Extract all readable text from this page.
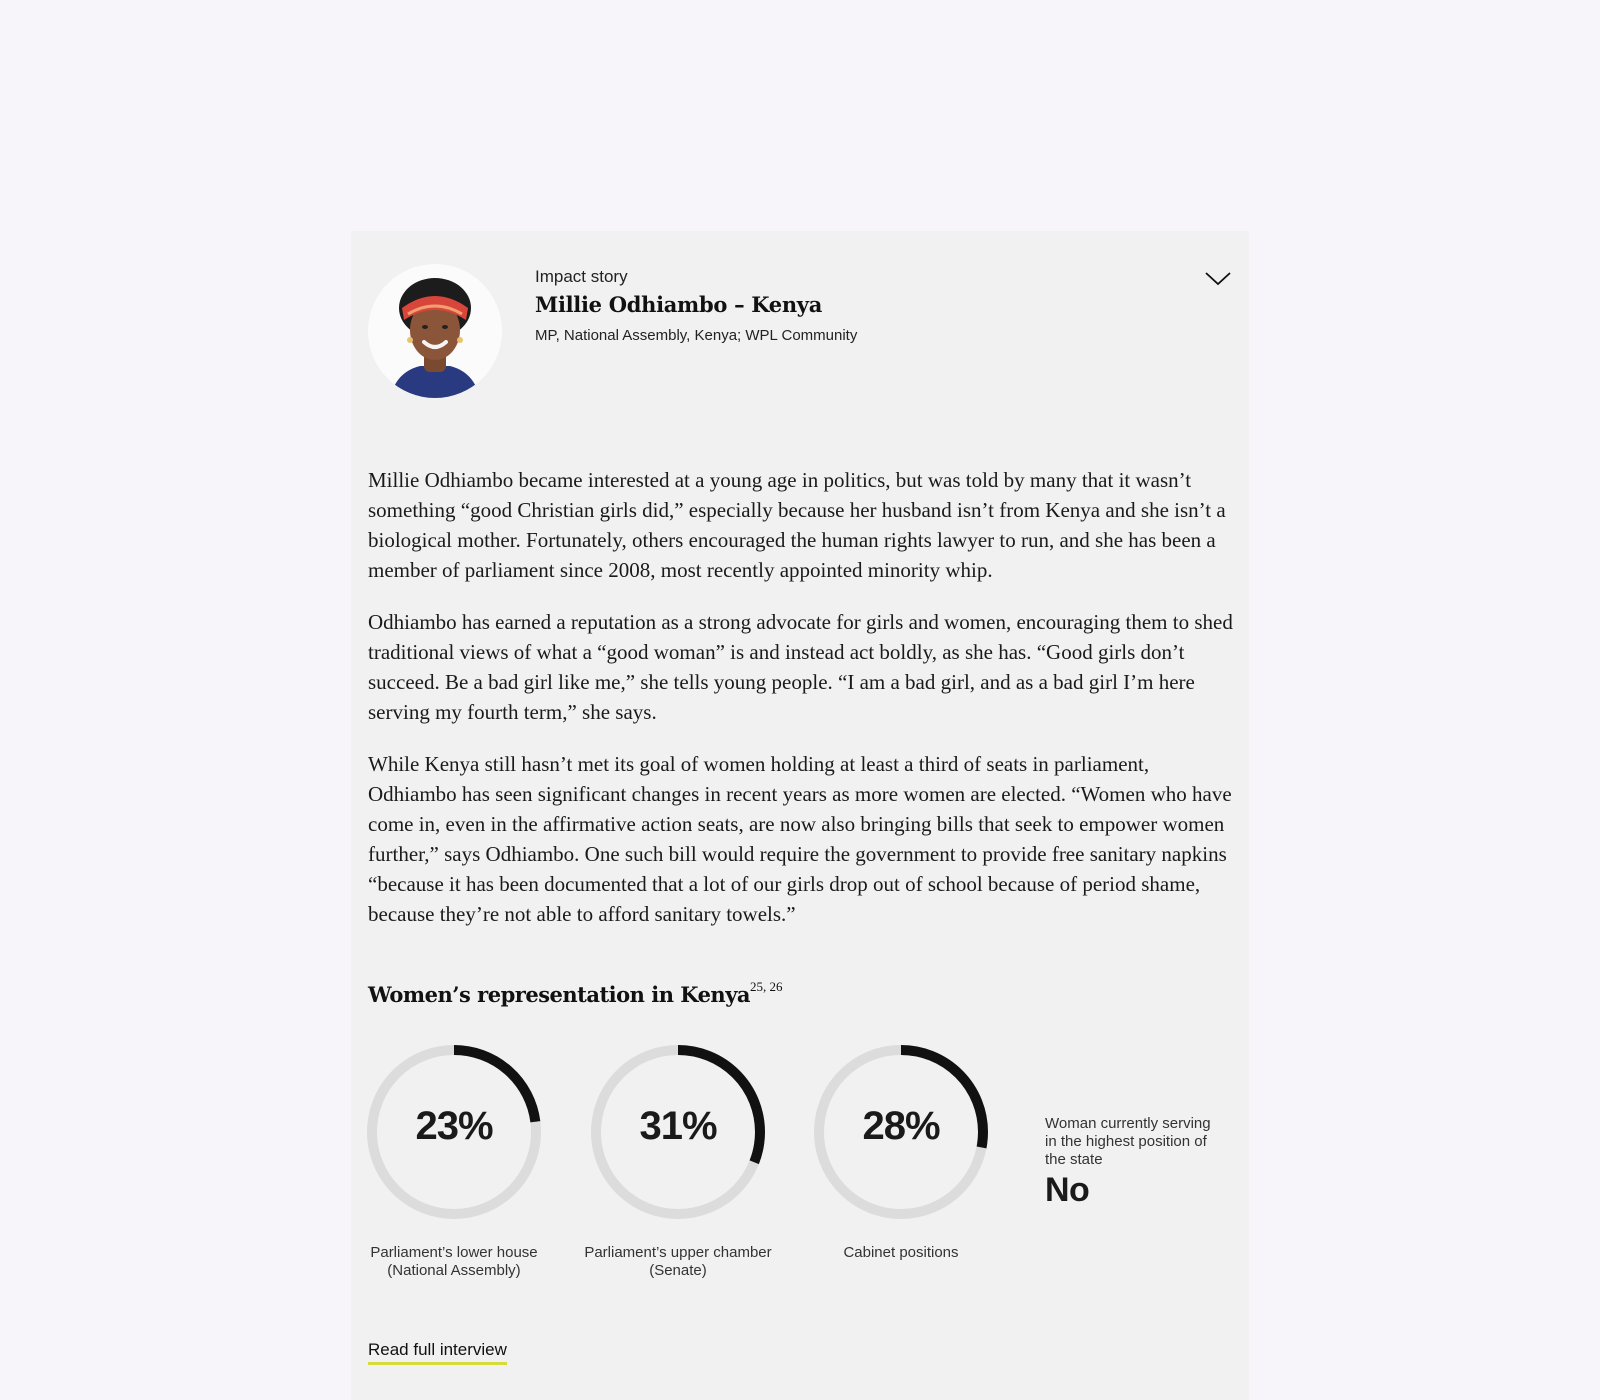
Impact story
Millie Odhiambo – Kenya
MP, National Assembly, Kenya; WPL Community

Millie Odhiambo became interested at a young age in politics, but was told by many that it wasn’t something “good Christian girls did,” especially because her husband isn’t from Kenya and she isn’t a biological mother. Fortunately, others encouraged the human rights lawyer to run, and she has been a member of parliament since 2008, most recently appointed minority whip.

Odhiambo has earned a reputation as a strong advocate for girls and women, encouraging them to shed traditional views of what a “good woman” is and instead act boldly, as she has. “Good girls don’t succeed. Be a bad girl like me,” she tells young people. “I am a bad girl, and as a bad girl I’m here serving my fourth term,” she says.

While Kenya still hasn’t met its goal of women holding at least a third of seats in parliament, Odhiambo has seen significant changes in recent years as more women are elected. “Women who have come in, even in the affirmative action seats, are now also bringing bills that seek to empower women further,” says Odhiambo. One such bill would require the government to provide free sanitary napkins “because it has been documented that a lot of our girls drop out of school because of period shame, because they’re not able to afford sanitary towels.”

Women’s representation in Kenya$^{25, 26}$
23%
Parliament’s lower house
(National Assembly)
31%
Parliament’s upper chamber
(Senate)
28%
Cabinet positions
Woman currently serving in the highest position of the state
No
Read full interview
